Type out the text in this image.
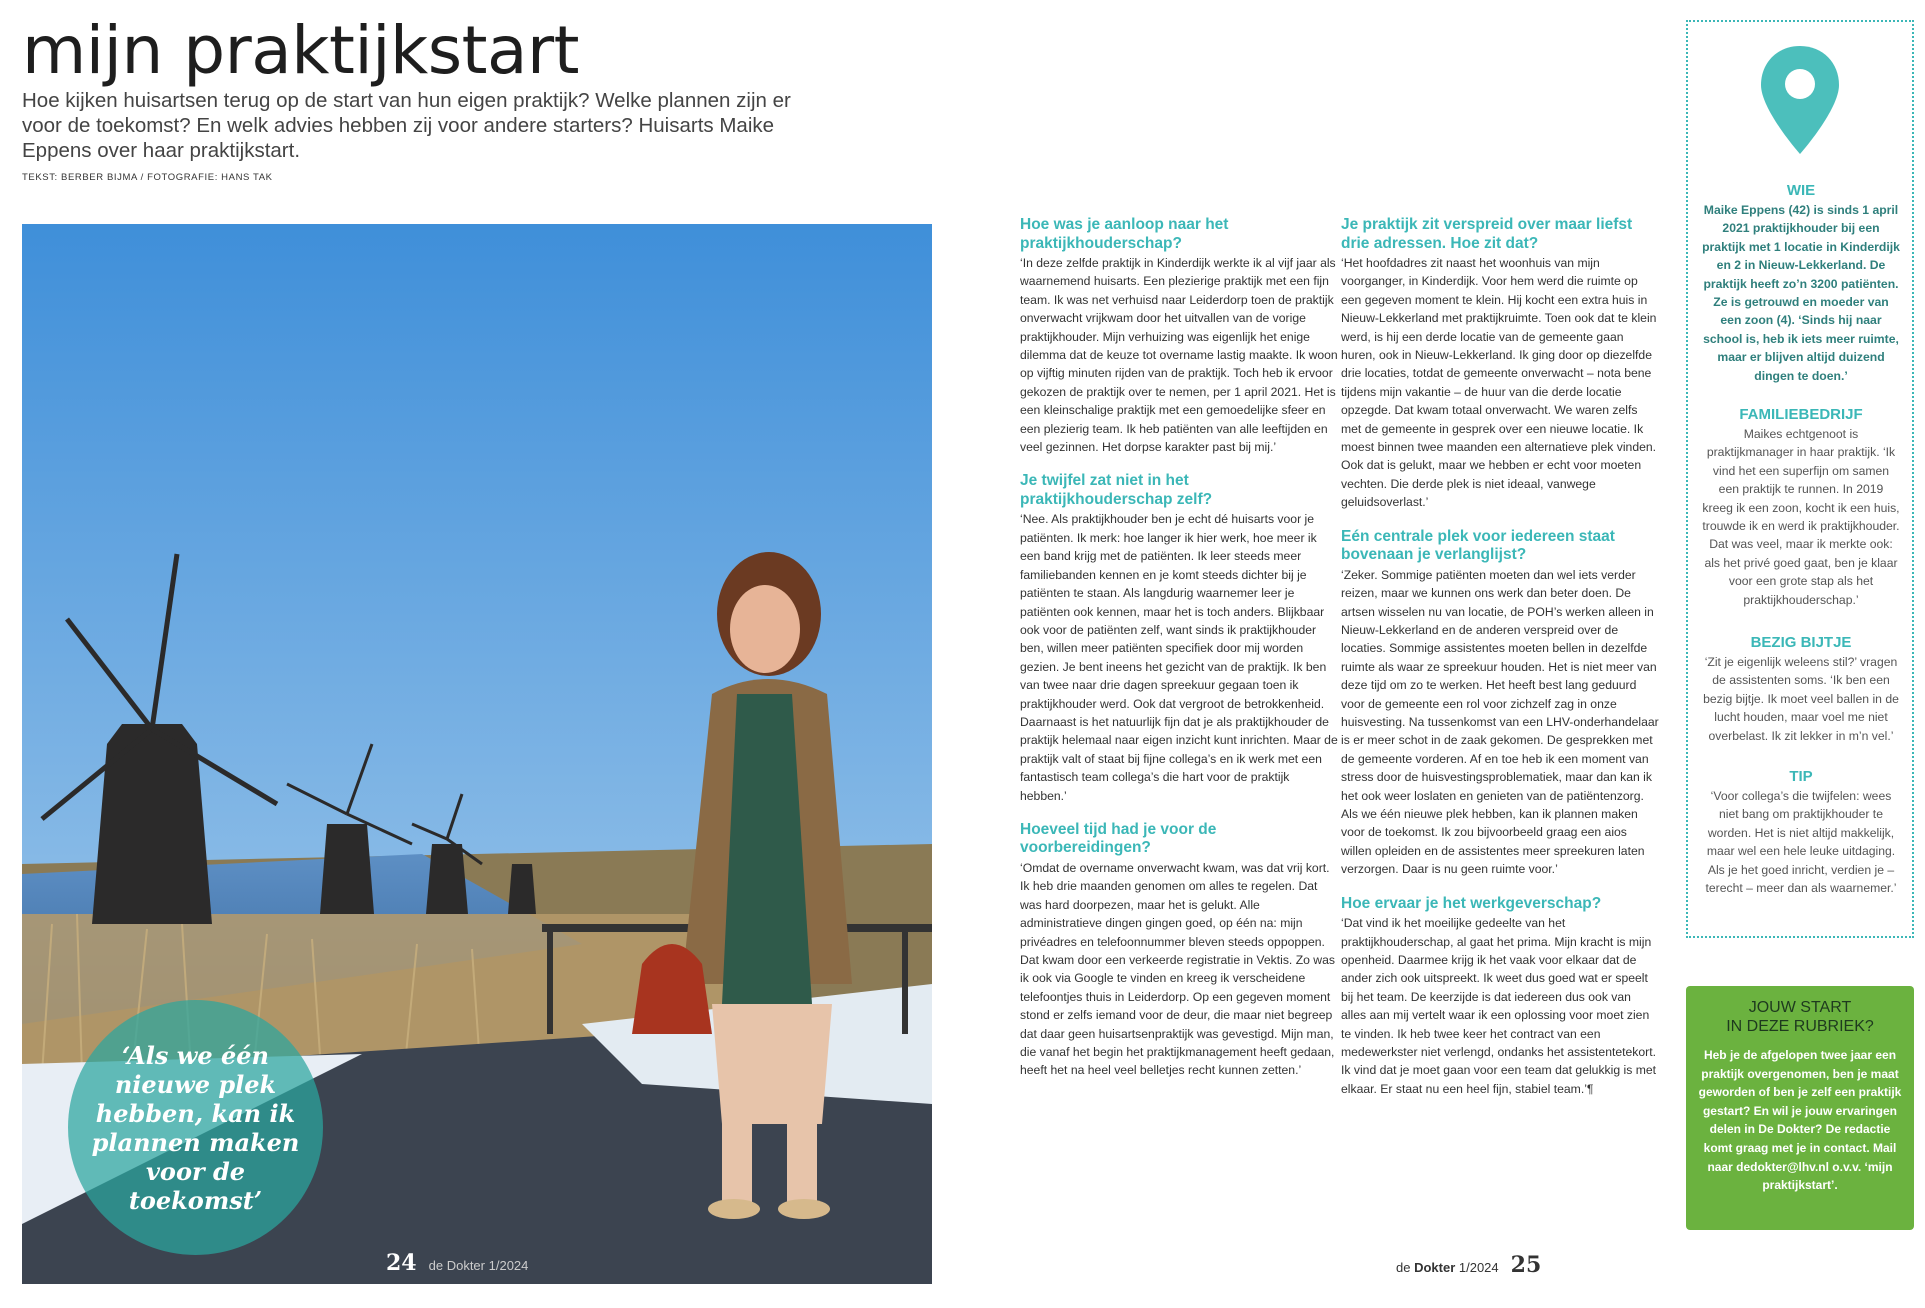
mijn praktijkstart

Hoe kijken huisartsen terug op de start van hun eigen praktijk? Welke plannen zijn er voor de toekomst? En welk advies hebben zij voor andere starters? Huisarts Maike Eppens over haar praktijkstart.

TEKST: BERBER BIJMA / FOTOGRAFIE: HANS TAK

‘Als we één nieuwe plek hebben, kan ik plannen maken voor de toekomst’
24 de Dokter 1/2024
Hoe was je aanloop naar het praktijkhouderschap?

‘In deze zelfde praktijk in Kinderdijk werkte ik al vijf jaar als waarnemend huisarts. Een plezierige praktijk met een fijn team. Ik was net verhuisd naar Leiderdorp toen de praktijk onverwacht vrijkwam door het uitvallen van de vorige praktijkhouder. Mijn verhuizing was eigenlijk het enige dilemma dat de keuze tot overname lastig maakte. Ik woon op vijftig minuten rijden van de praktijk. Toch heb ik ervoor gekozen de praktijk over te nemen, per 1 april 2021. Het is een kleinschalige praktijk met een gemoedelijke sfeer en een plezierig team. Ik heb patiënten van alle leeftijden en veel gezinnen. Het dorpse karakter past bij mij.’

Je twijfel zat niet in het praktijkhouderschap zelf?

‘Nee. Als praktijkhouder ben je echt dé huisarts voor je patiënten. Ik merk: hoe langer ik hier werk, hoe meer ik een band krijg met de patiënten. Ik leer steeds meer familiebanden kennen en je komt steeds dichter bij je patiënten te staan. Als langdurig waarnemer leer je patiënten ook kennen, maar het is toch anders. Blijkbaar ook voor de patiënten zelf, want sinds ik praktijkhouder ben, willen meer patiënten specifiek door mij worden gezien. Je bent ineens het gezicht van de praktijk. Ik ben van twee naar drie dagen spreekuur gegaan toen ik praktijkhouder werd. Ook dat vergroot de betrokkenheid. Daarnaast is het natuurlijk fijn dat je als praktijkhouder de praktijk helemaal naar eigen inzicht kunt inrichten. Maar de praktijk valt of staat bij fijne collega’s en ik werk met een fantastisch team collega’s die hart voor de praktijk hebben.’

Hoeveel tijd had je voor de voorbereidingen?

‘Omdat de overname onverwacht kwam, was dat vrij kort. Ik heb drie maanden genomen om alles te regelen. Dat was hard doorpezen, maar het is gelukt. Alle administratieve dingen gingen goed, op één na: mijn privéadres en telefoonnummer bleven steeds oppoppen. Dat kwam door een verkeerde registratie in Vektis. Zo was ik ook via Google te vinden en kreeg ik verscheidene telefoontjes thuis in Leiderdorp. Op een gegeven moment stond er zelfs iemand voor de deur, die maar niet begreep dat daar geen huisartsenpraktijk was gevestigd. Mijn man, die vanaf het begin het praktijkmanagement heeft gedaan, heeft het na heel veel belletjes recht kunnen zetten.’

Je praktijk zit verspreid over maar liefst drie adressen. Hoe zit dat?

‘Het hoofdadres zit naast het woonhuis van mijn voorganger, in Kinderdijk. Voor hem werd die ruimte op een gegeven moment te klein. Hij kocht een extra huis in Nieuw-Lekkerland met praktijkruimte. Toen ook dat te klein werd, is hij een derde locatie van de gemeente gaan huren, ook in Nieuw-Lekkerland. Ik ging door op diezelfde drie locaties, totdat de gemeente onverwacht – nota bene tijdens mijn vakantie – de huur van die derde locatie opzegde. Dat kwam totaal onverwacht. We waren zelfs met de gemeente in gesprek over een nieuwe locatie. Ik moest binnen twee maanden een alternatieve plek vinden. Ook dat is gelukt, maar we hebben er echt voor moeten vechten. Die derde plek is niet ideaal, vanwege geluidsoverlast.’

Eén centrale plek voor iedereen staat bovenaan je verlanglijst?

‘Zeker. Sommige patiënten moeten dan wel iets verder reizen, maar we kunnen ons werk dan beter doen. De artsen wisselen nu van locatie, de POH’s werken alleen in Nieuw-Lekkerland en de anderen verspreid over de locaties. Sommige assistentes moeten bellen in dezelfde ruimte als waar ze spreekuur houden. Het is niet meer van deze tijd om zo te werken. Het heeft best lang geduurd voor de gemeente een rol voor zichzelf zag in onze huisvesting. Na tussenkomst van een LHV-onderhandelaar is er meer schot in de zaak gekomen. De gesprekken met de gemeente vorderen. Af en toe heb ik een moment van stress door de huisvestingsproblematiek, maar dan kan ik het ook weer loslaten en genieten van de patiëntenzorg. Als we één nieuwe plek hebben, kan ik plannen maken voor de toekomst. Ik zou bijvoorbeeld graag een aios willen opleiden en de assistentes meer spreekuren laten verzorgen. Daar is nu geen ruimte voor.’

Hoe ervaar je het werkgeverschap?

‘Dat vind ik het moeilijke gedeelte van het praktijkhouderschap, al gaat het prima. Mijn kracht is mijn openheid. Daarmee krijg ik het vaak voor elkaar dat de ander zich ook uitspreekt. Ik weet dus goed wat er speelt bij het team. De keerzijde is dat iedereen dus ook van alles aan mij vertelt waar ik een oplossing voor moet zien te vinden. Ik heb twee keer het contract van een medewerkster niet verlengd, ondanks het assistentetekort. Ik vind dat je moet gaan voor een team dat gelukkig is met elkaar. Er staat nu een heel fijn, stabiel team.’¶

de Dokter 1/2024 25
WIE

Maike Eppens (42) is sinds 1 april 2021 praktijkhouder bij een praktijk met 1 locatie in Kinderdijk en 2 in Nieuw-Lekkerland. De praktijk heeft zo’n 3200 patiënten. Ze is getrouwd en moeder van een zoon (4). ‘Sinds hij naar school is, heb ik iets meer ruimte, maar er blijven altijd duizend dingen te doen.’

FAMILIEBEDRIJF

Maikes echtgenoot is praktijkmanager in haar praktijk. ‘Ik vind het een superfijn om samen een praktijk te runnen. In 2019 kreeg ik een zoon, kocht ik een huis, trouwde ik en werd ik praktijkhouder. Dat was veel, maar ik merkte ook: als het privé goed gaat, ben je klaar voor een grote stap als het praktijkhouderschap.’

BEZIG BIJTJE

‘Zit je eigenlijk weleens stil?’ vragen de assistenten soms. ‘Ik ben een bezig bijtje. Ik moet veel ballen in de lucht houden, maar voel me niet overbelast. Ik zit lekker in m’n vel.’

TIP

‘Voor collega’s die twijfelen: wees niet bang om praktijkhouder te worden. Het is niet altijd makkelijk, maar wel een hele leuke uitdaging. Als je het goed inricht, verdien je – terecht – meer dan als waarnemer.’

JOUW START
IN DEZE RUBRIEK?

Heb je de afgelopen twee jaar een praktijk overgenomen, ben je maat geworden of ben je zelf een praktijk gestart? En wil je jouw ervaringen delen in De Dokter? De redactie komt graag met je in contact. Mail naar dedokter@lhv.nl o.v.v. ‘mijn praktijkstart’.
